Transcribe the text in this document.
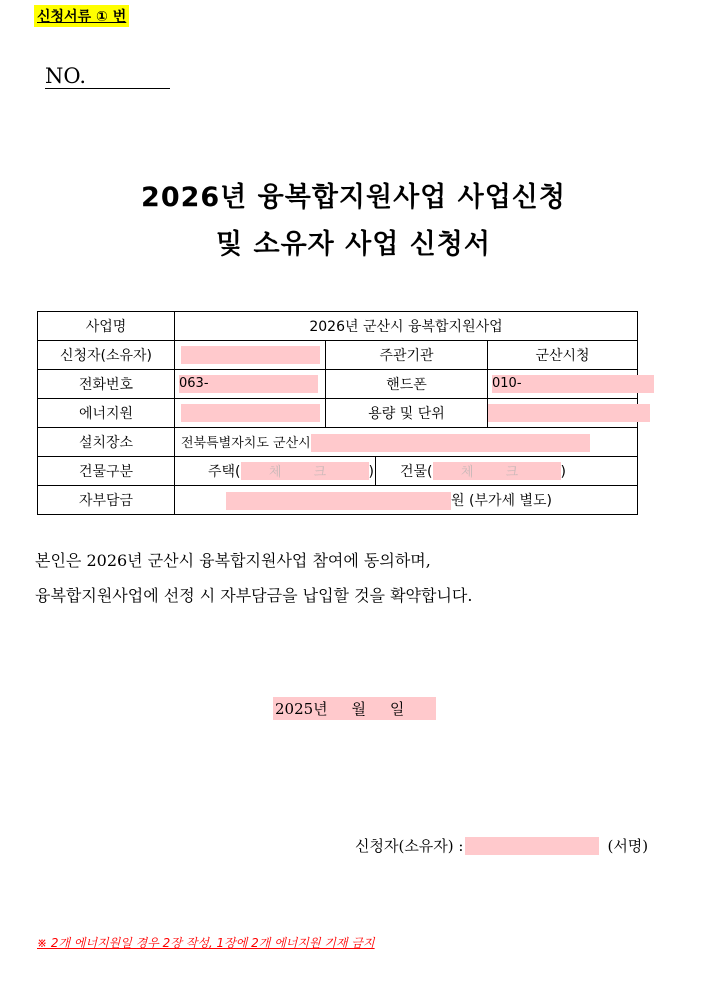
신청서류 ① 번
NO.
2026년 융복합지원사업 사업신청
및 소유자 사업 신청서
사업명	2026년 군산시 융복합지원사업			
신청자(소유자)		주관기관		군산시청
전화번호	063-	핸드폰		010-
에너지원		용량 및 단위		

설치장소	전북특별자치도 군산시			
건물구분	주택( 체 크 )		건물( 체 크 )	
자부담금	원 (부가세 별도)			
본인은 2026년 군산시 융복합지원사업 참여에 동의하며,
융복합지원사업에 선정 시 자부담금을 납입할 것을 확약합니다.
2025년     월     일
신청자(소유자) :	(서명)
※ 2개 에너지원일 경우 2장 작성, 1장에 2개 에너지원 기재 금지
